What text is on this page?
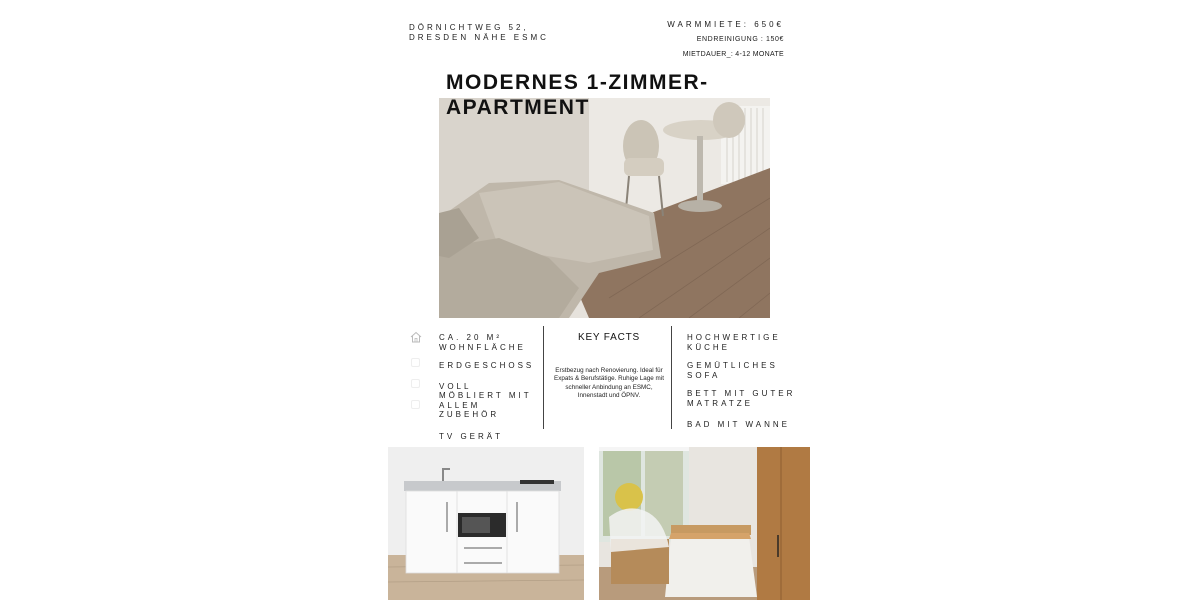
DÖRNICHTWEG 52, DRESDEN NÄHE ESMC
WARMMIETE: 650€
ENDREINIGUNG : 150€
MIETDAUER_: 4-12 MONATE
MODERNES 1-ZIMMER-APARTMENT
CA. 20 M² WOHNFLÄCHE
ERDGESCHOSS
VOLL MÖBLIERT MIT ALLEM ZUBEHÖR
TV GERÄT
KEY FACTS
Erstbezug nach Renovierung. Ideal für Expats & Berufstätige. Ruhige Lage mit schneller Anbindung an ESMC, Innenstadt und ÖPNV.
HOCHWERTIGE KÜCHE
GEMÜTLICHES SOFA
BETT MIT GUTER MATRATZE
BAD MIT WANNE
